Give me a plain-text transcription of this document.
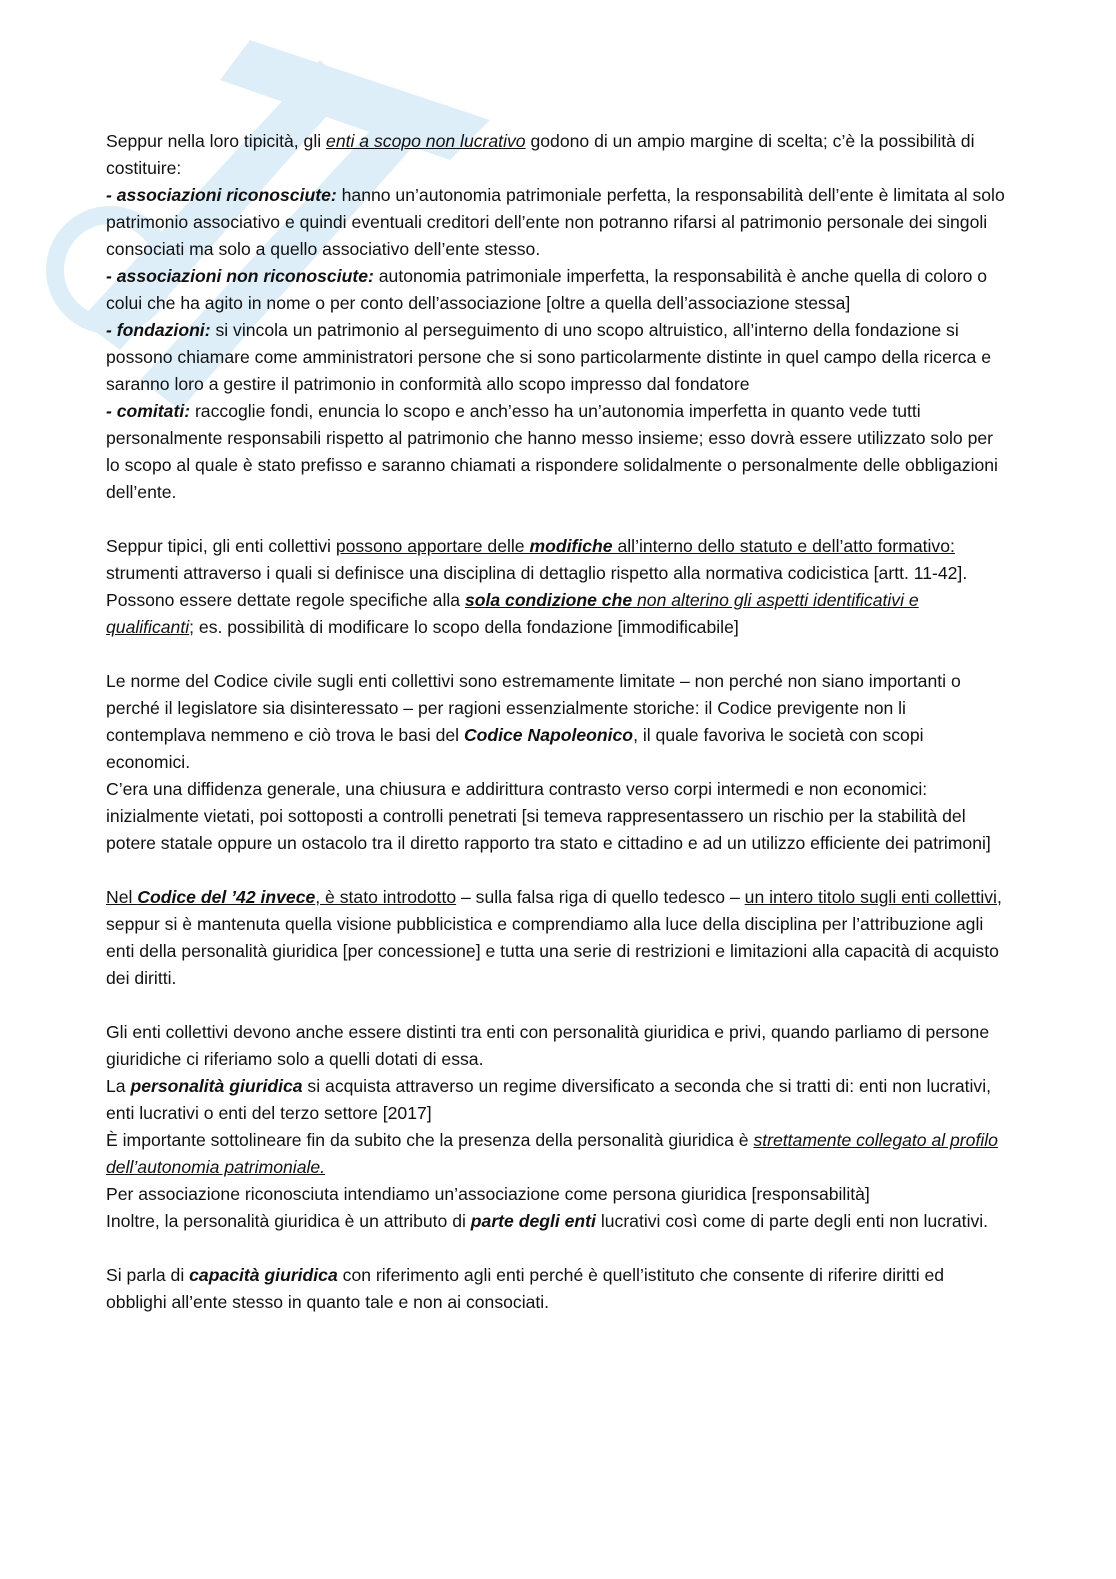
Seppur nella loro tipicità, gli enti a scopo non lucrativo godono di un ampio margine di scelta; c’è la possibilità di costituire:
- associazioni riconosciute: hanno un’autonomia patrimoniale perfetta, la responsabilità dell’ente è limitata al solo patrimonio associativo e quindi eventuali creditori dell’ente non potranno rifarsi al patrimonio personale dei singoli consociati ma solo a quello associativo dell’ente stesso.
- associazioni non riconosciute: autonomia patrimoniale imperfetta, la responsabilità è anche quella di coloro o colui che ha agito in nome o per conto dell’associazione [oltre a quella dell’associazione stessa]
- fondazioni: si vincola un patrimonio al perseguimento di uno scopo altruistico, all’interno della fondazione si possono chiamare come amministratori persone che si sono particolarmente distinte in quel campo della ricerca e saranno loro a gestire il patrimonio in conformità allo scopo impresso dal fondatore
- comitati: raccoglie fondi, enuncia lo scopo e anch’esso ha un’autonomia imperfetta in quanto vede tutti personalmente responsabili rispetto al patrimonio che hanno messo insieme; esso dovrà essere utilizzato solo per lo scopo al quale è stato prefisso e saranno chiamati a rispondere solidalmente o personalmente delle obbligazioni dell’ente.
Seppur tipici, gli enti collettivi possono apportare delle modifiche all’interno dello statuto e dell’atto formativo: strumenti attraverso i quali si definisce una disciplina di dettaglio rispetto alla normativa codicistica [artt. 11-42].
Possono essere dettate regole specifiche alla sola condizione che non alterino gli aspetti identificativi e qualificanti; es. possibilità di modificare lo scopo della fondazione [immodificabile]
Le norme del Codice civile sugli enti collettivi sono estremamente limitate – non perché non siano importanti o perché il legislatore sia disinteressato – per ragioni essenzialmente storiche: il Codice previgente non li contemplava nemmeno e ciò trova le basi del Codice Napoleonico, il quale favoriva le società con scopi economici.
C’era una diffidenza generale, una chiusura e addirittura contrasto verso corpi intermedi e non economici: inizialmente vietati, poi sottoposti a controlli penetrati [si temeva rappresentassero un rischio per la stabilità del potere statale oppure un ostacolo tra il diretto rapporto tra stato e cittadino e ad un utilizzo efficiente dei patrimoni]
Nel Codice del ’42 invece, è stato introdotto – sulla falsa riga di quello tedesco – un intero titolo sugli enti collettivi, seppur si è mantenuta quella visione pubblicistica e comprendiamo alla luce della disciplina per l’attribuzione agli enti della personalità giuridica [per concessione] e tutta una serie di restrizioni e limitazioni alla capacità di acquisto dei diritti.
Gli enti collettivi devono anche essere distinti tra enti con personalità giuridica e privi, quando parliamo di persone giuridiche ci riferiamo solo a quelli dotati di essa.
La personalità giuridica si acquista attraverso un regime diversificato a seconda che si tratti di: enti non lucrativi, enti lucrativi o enti del terzo settore [2017]
È importante sottolineare fin da subito che la presenza della personalità giuridica è strettamente collegato al profilo dell’autonomia patrimoniale.
Per associazione riconosciuta intendiamo un’associazione come persona giuridica [responsabilità]
Inoltre, la personalità giuridica è un attributo di parte degli enti lucrativi così come di parte degli enti non lucrativi.
Si parla di capacità giuridica con riferimento agli enti perché è quell’istituto che consente di riferire diritti ed obblighi all’ente stesso in quanto tale e non ai consociati.
